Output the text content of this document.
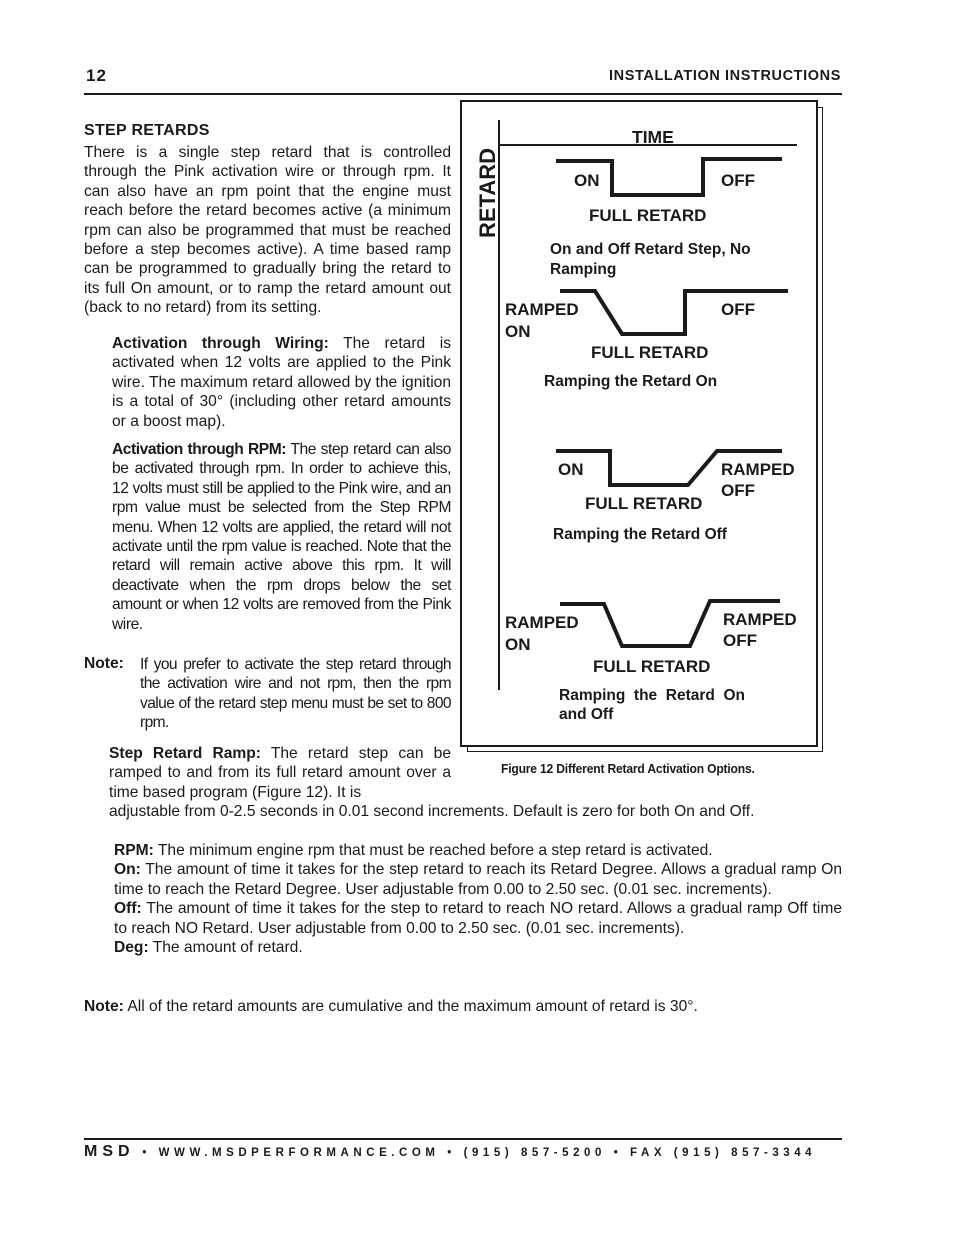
12	INSTALLATION INSTRUCTIONS
STEP RETARDS
There is a single step retard that is controlled through the Pink activation wire or through rpm. It can also have an rpm point that the engine must reach before the retard becomes active (a minimum rpm can also be programmed that must be reached before a step becomes active). A time based ramp can be programmed to gradually bring the retard to its full On amount, or to ramp the retard amount out (back to no retard) from its setting.
Activation through Wiring: The retard is activated when 12 volts are applied to the Pink wire. The maximum retard allowed by the ignition is a total of 30° (including other retard amounts or a boost map).
Activation through RPM: The step retard can also be activated through rpm. In order to achieve this, 12 volts must still be applied to the Pink wire, and an rpm value must be selected from the Step RPM menu. When 12 volts are applied, the retard will not activate until the rpm value is reached. Note that the retard will remain active above this rpm. It will deactivate when the rpm drops below the set amount or when 12 volts are removed from the Pink wire.
Note: If you prefer to activate the step retard through the activation wire and not rpm, then the rpm value of the retard step menu must be set to 800 rpm.
Step Retard Ramp: The retard step can be ramped to and from its full retard amount over a time based program (Figure 12). It is
adjustable from 0-2.5 seconds in 0.01 second increments. Default is zero for both On and Off.
RPM: The minimum engine rpm that must be reached before a step retard is activated.
On: The amount of time it takes for the step retard to reach its Retard Degree. Allows a gradual ramp On time to reach the Retard Degree. User adjustable from 0.00 to 2.50 sec. (0.01 sec. increments).
Off: The amount of time it takes for the step to retard to reach NO retard. Allows a gradual ramp Off time to reach NO Retard. User adjustable from 0.00 to 2.50 sec. (0.01 sec. increments).
Deg: The amount of retard.
Note: All of the retard amounts are cumulative and the maximum amount of retard is 30°.
RETARD
TIME
ON	OFF
FULL RETARD
On and Off Retard Step, No
Ramping
RAMPED
ON
OFF
FULL RETARD
Ramping the Retard On
ON	RAMPED
OFF
FULL RETARD
Ramping the Retard Off
RAMPED
ON
RAMPED
OFF
FULL RETARD
Ramping  the  Retard  On
and Off
Figure 12 Different Retard Activation Options.
MSD • WWW.MSDPERFORMANCE.COM • (915) 857-5200 • FAX (915) 857-3344
